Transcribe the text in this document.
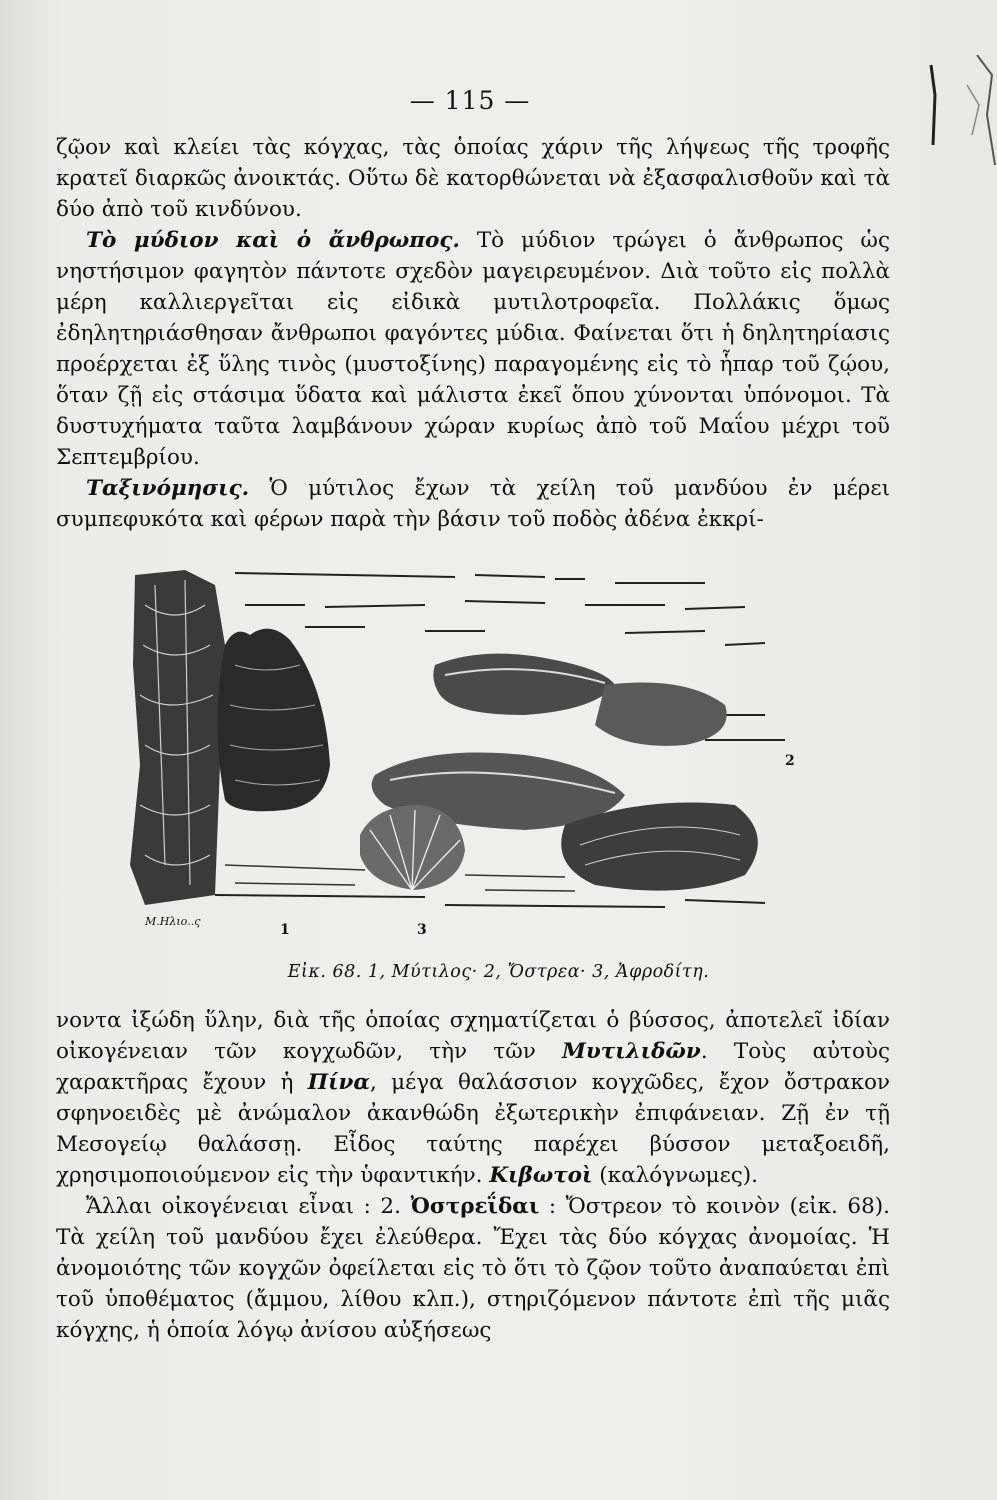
— 115 —

ζῷον καὶ κλείει τὰς κόγχας, τὰς ὁποίας χάριν τῆς λήψεως τῆς τροφῆς κρατεῖ διαρκῶς ἀνοικτάς. Οὕτω δὲ κατορθώνεται νὰ ἐξασφαλισθοῦν καὶ τὰ δύο ἀπὸ τοῦ κινδύνου.

Τὸ μύδιον καὶ ὁ ἄνθρωπος. Τὸ μύδιον τρώγει ὁ ἄνθρωπος ὡς νηστήσιμον φαγητὸν πάντοτε σχεδὸν μαγειρευμένον. Διὰ τοῦτο εἰς πολλὰ μέρη καλλιεργεῖται εἰς εἰδικὰ μυτιλοτροφεῖα. Πολλάκις ὅμως ἐδηλητηριάσθησαν ἄνθρωποι φαγόντες μύδια. Φαίνεται ὅτι ἡ δηλητηρίασις προέρχεται ἐξ ὕλης τινὸς (μυστοξίνης) παραγομένης εἰς τὸ ἧπαρ τοῦ ζῴου, ὅταν ζῇ εἰς στάσιμα ὕδατα καὶ μάλιστα ἐκεῖ ὅπου χύνονται ὑπόνομοι. Τὰ δυστυχήματα ταῦτα λαμβάνουν χώραν κυρίως ἀπὸ τοῦ Μαΐου μέχρι τοῦ Σεπτεμβρίου.

Ταξινόμησις. Ὁ μύτιλος ἔχων τὰ χείλη τοῦ μανδύου ἐν μέρει συμπεφυκότα καὶ φέρων παρὰ τὴν βάσιν τοῦ ποδὸς ἀδένα ἐκκρί-

1
2
3
M.Ηλιο..ς
Εἰκ. 68. 1, Μύτιλος· 2, Ὄστρεα· 3, Ἀφροδίτη.

νοντα ἰξώδη ὕλην, διὰ τῆς ὁποίας σχηματίζεται ὁ βύσσος, ἀποτελεῖ ἰδίαν οἰκογένειαν τῶν κογχωδῶν, τὴν τῶν Μυτιλιδῶν. Τοὺς αὐτοὺς χαρακτῆρας ἔχουν ἡ Πίνα, μέγα θαλάσσιον κογχῶδες, ἔχον ὄστρακον σφηνοειδὲς μὲ ἀνώμαλον ἀκανθώδη ἐξωτερικὴν ἐπιφάνειαν. Ζῇ ἐν τῇ Μεσογείῳ θαλάσσῃ. Εἶδος ταύτης παρέχει βύσσον μεταξοειδῆ, χρησιμοποιούμενον εἰς τὴν ὑφαντικήν. Κιβωτοὶ (καλόγνωμες).

Ἄλλαι οἰκογένειαι εἶναι : 2. Ὀστρεΐδαι : Ὄστρεον τὸ κοινὸν (εἰκ. 68). Τὰ χείλη τοῦ μανδύου ἔχει ἐλεύθερα. Ἔχει τὰς δύο κόγχας ἀνομοίας. Ἡ ἀνομοιότης τῶν κογχῶν ὀφείλεται εἰς τὸ ὅτι τὸ ζῷον τοῦτο ἀναπαύεται ἐπὶ τοῦ ὑποθέματος (ἄμμου, λίθου κλπ.), στηριζόμενον πάντοτε ἐπὶ τῆς μιᾶς κόγχης, ἡ ὁποία λόγῳ ἀνίσου αὐξήσεως
